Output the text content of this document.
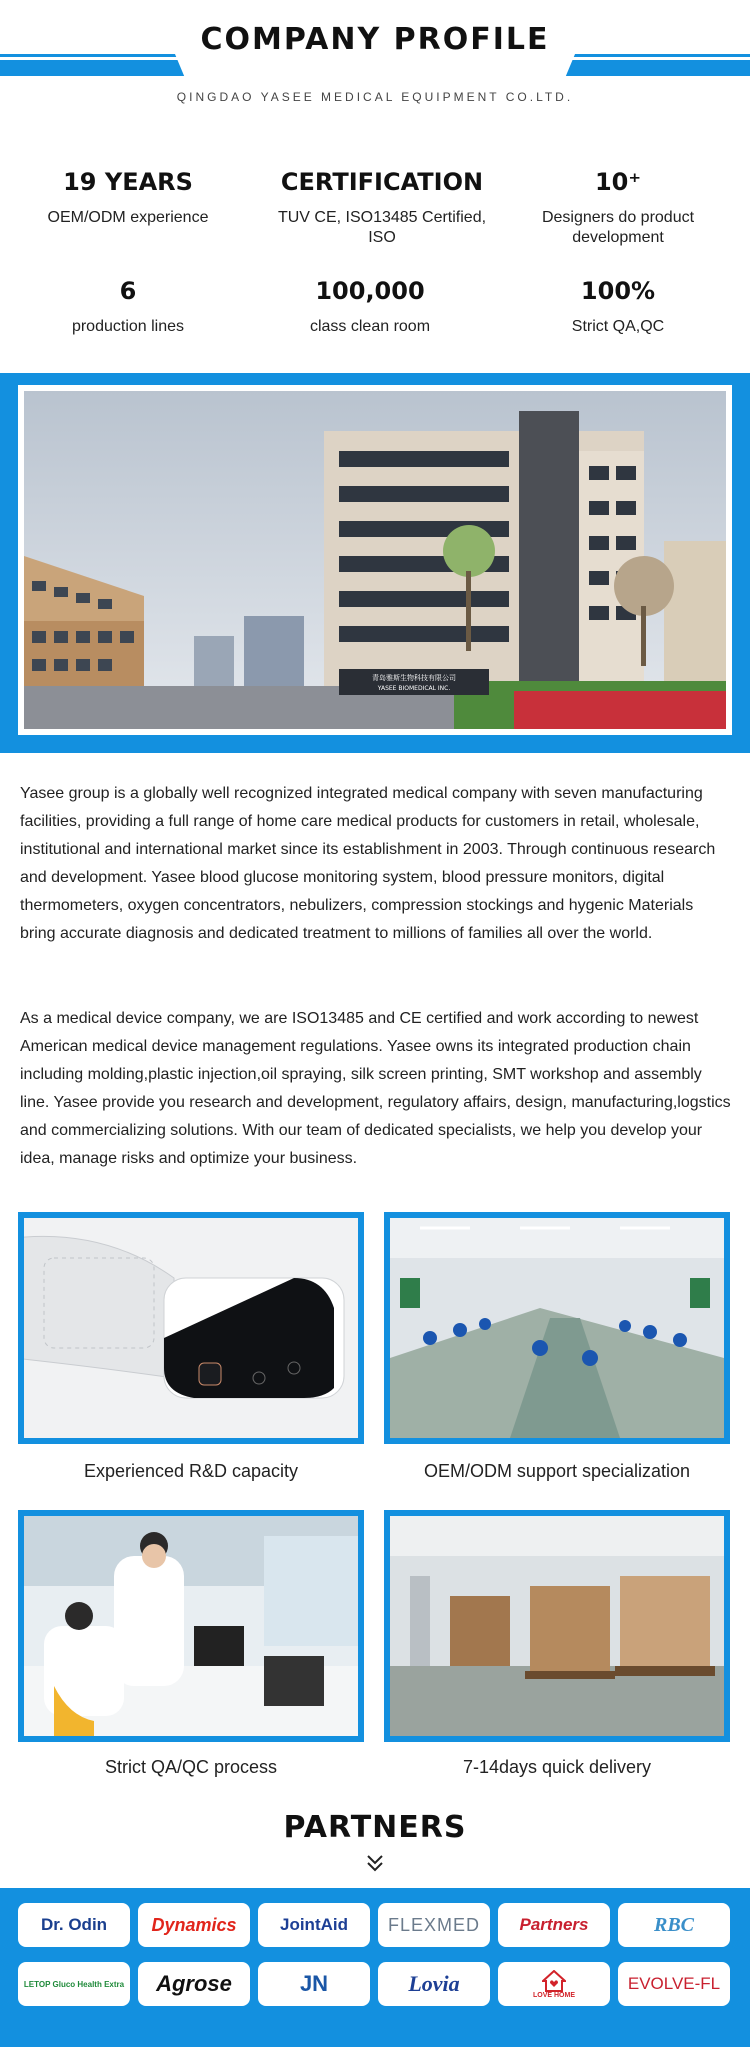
COMPANY PROFILE
QINGDAO YASEE MEDICAL EQUIPMENT CO.LTD.
19 YEARS
OEM/ODM experience
CERTIFICATION
TUV CE, ISO13485 Certified, ISO
10⁺
Designers do product development
6
production lines
100,000
class clean room
100%
Strict QA,QC
青岛雅斯生物科技有限公司
YASEE BIOMEDICAL INC.
Yasee group is a globally well recognized integrated medical company with seven manufacturing facilities, providing a full range of home care medical products for customers in retail, wholesale, institutional and international market since its establishment in 2003. Through continuous research and development. Yasee blood glucose monitoring system, blood pressure monitors, digital thermometers, oxygen concentrators, nebulizers, compression stockings and hygenic Materials bring accurate diagnosis and dedicated treatment to millions of families all over the world.
As a medical device company, we are ISO13485 and CE certified and work according to newest American medical device management regulations. Yasee owns its integrated production chain including molding,plastic injection,oil spraying, silk screen printing, SMT workshop and assembly line. Yasee provide you research and development, regulatory affairs, design, manufacturing,logstics and commercializing solutions. With our team of dedicated specialists, we help you develop your idea, manage risks and optimize your business.
Experienced R&D capacity	OEM/ODM support specialization
Strict QA/QC process	7-14days quick delivery
PARTNERS
Dr. Odin Dynamics	JointAid FLEXMED Partners	RBC
LETOP Gluco Health Extra Agrose	JN	Lovia	LOVE HOME
EVOLVE-FL
